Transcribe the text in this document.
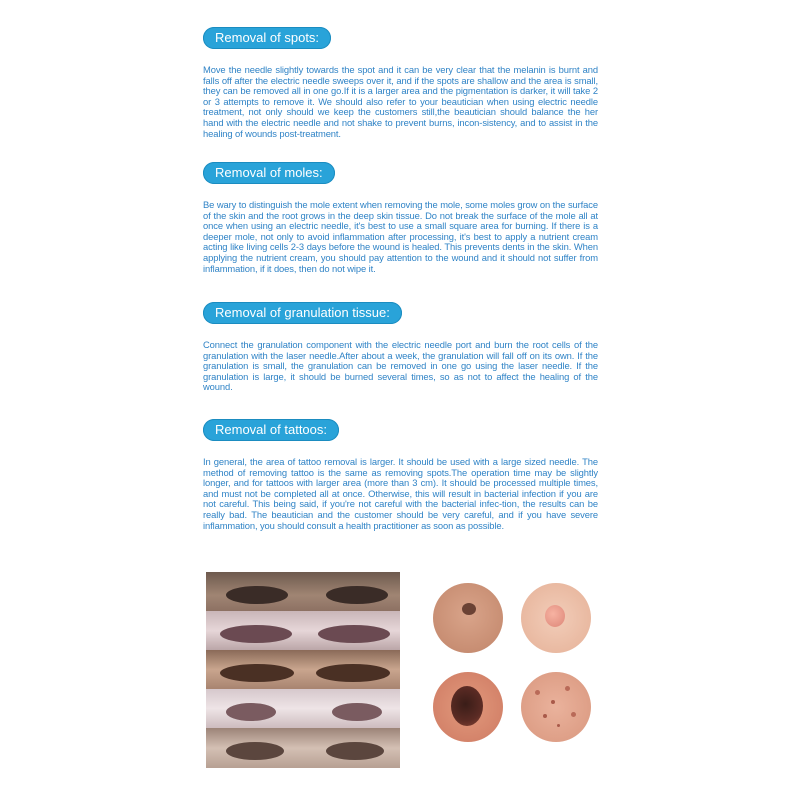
Removal of spots:
Move the needle slightly towards the spot and it can be very clear that the melanin is burnt and falls off after the electric needle sweeps over it, and if the spots are shallow and the area is small, they can be removed all in one go.If it is a larger area and the pigmentation is darker, it will take 2 or 3 attempts to remove it. We should also refer to your beautician when using electric needle treatment, not only should we keep the customers still,the beautician should balance the her hand with the electric needle and not shake to prevent burns, incon-sistency, and to assist in the healing of wounds post-treatment.
Removal of moles:
Be wary to distinguish the mole extent when removing the mole, some moles grow on the surface of the skin and the root grows in the deep skin tissue. Do not break the surface of the mole all at once when using an electric needle, it's best to use a small square area for burning. If there is a deeper mole, not only to avoid inflammation after processing, it's best to apply a nutrient cream acting like living cells 2-3 days before the wound is healed. This prevents dents in the skin. When applying the nutrient cream, you should pay attention to the wound and it should not suffer from inflammation, if it does, then do not wipe it.
Removal of granulation tissue:
Connect the granulation component with the electric needle port and burn the root cells of the granulation with the laser needle.After about a week, the granulation will fall off on its own. If the granulation is small, the granulation can be removed in one go using the laser needle. If the granulation is large, it should be burned several times, so as not to affect the healing of the wound.
Removal of tattoos:
In general, the area of tattoo removal is larger. It should be used with a large sized needle. The method of removing tattoo is the same as removing spots.The operation time may be slightly longer, and for tattoos with larger area (more than 3 cm). It should be processed multiple times, and must not be completed all at once. Otherwise, this will result in bacterial infection if you are not careful. This being said, if you're not careful with the bacterial infec-tion, the results can be really bad. The beautician and the customer should be very careful, and if you have severe inflammation, you should consult a health practitioner as soon as possible.
